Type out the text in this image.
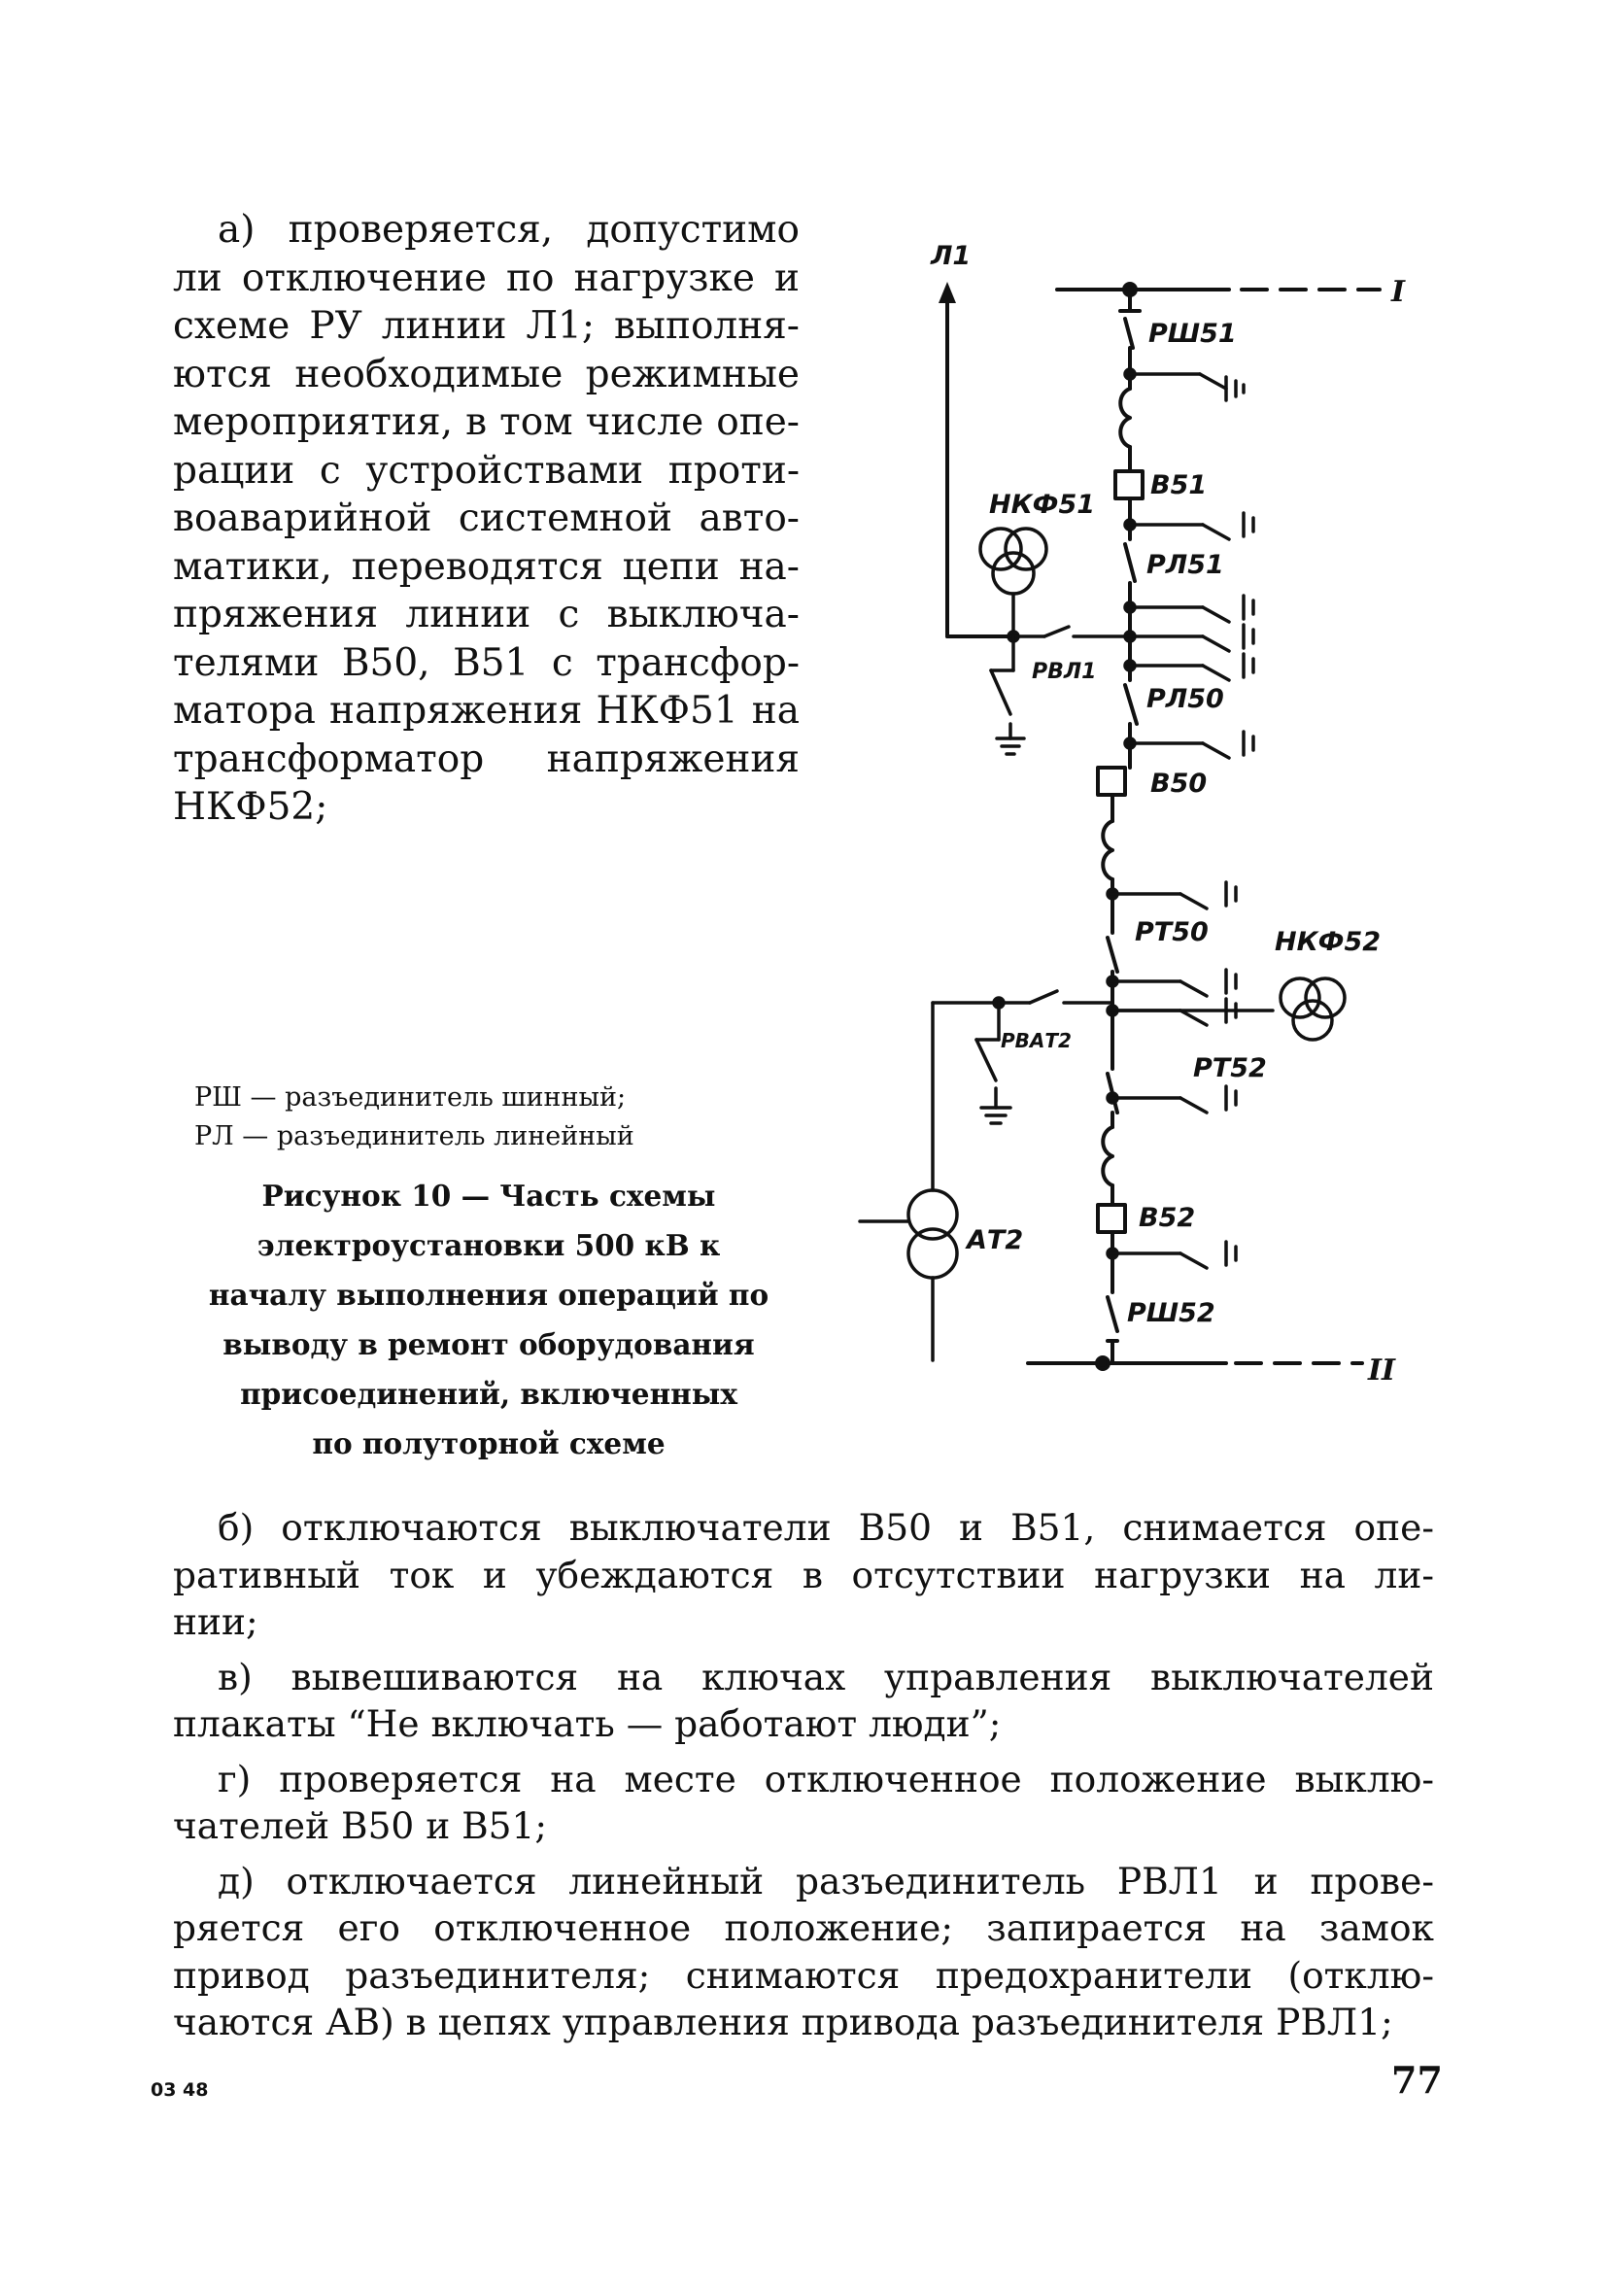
а) проверяется, допустимо
ли отключение по нагрузке и
схеме РУ линии Л1; выполня-
ются необходимые режимные
мероприятия, в том числе опе-
рации с устройствами проти-
воаварийной системной авто-
матики, переводятся цепи на-
пряжения линии с выключа-
телями В50, В51 с трансфор-
матора напряжения НКФ51 на
трансформатор напряжения
НКФ52;
I
II
Л1
РШ51
В51
НКФ51
РЛ51
РВЛ1
РЛ50
В50
РТ50	НКФ52
РВАТ2
РТ52
АТ2
В52
РШ52
РШ — разъединитель шинный;
РЛ — разъединитель линейный
Рисунок 10 — Часть схемы
электроустановки 500 кВ к
началу выполнения операций по
выводу в ремонт оборудования
присоединений, включенных
по полуторной схеме
б) отключаются выключатели В50 и В51, снимается опе-
ративный ток и убеждаются в отсутствии нагрузки на ли-
нии;
в) вывешиваются на ключах управления выключателей
плакаты “Не включать — работают люди”;
г) проверяется на месте отключенное положение выклю-
чателей В50 и В51;
д) отключается линейный разъединитель РВЛ1 и прове-
ряется его отключенное положение; запирается на замок
привод разъединителя; снимаются предохранители (отклю-
чаются АВ) в цепях управления привода разъединителя РВЛ1;
03 48	77
